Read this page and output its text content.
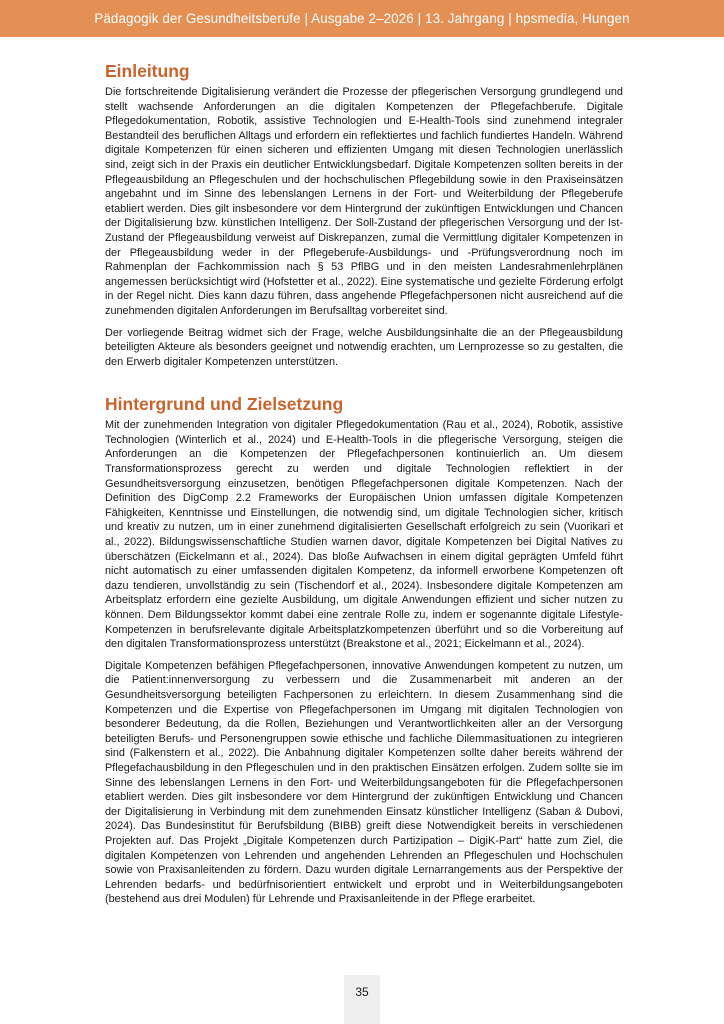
Pädagogik der Gesundheitsberufe | Ausgabe 2–2026 | 13. Jahrgang | hpsmedia, Hungen
Einleitung

Die fortschreitende Digitalisierung verändert die Prozesse der pflegerischen Versorgung grundlegend und stellt wachsende Anforderungen an die digitalen Kompetenzen der Pflegefachberufe. Digitale Pflegedokumentation, Robotik, assistive Technologien und E-Health-Tools sind zunehmend integraler Bestandteil des beruflichen Alltags und erfordern ein reflektiertes und fachlich fundiertes Handeln. Während digitale Kompetenzen für einen sicheren und effizienten Umgang mit diesen Technologien unerlässlich sind, zeigt sich in der Praxis ein deutlicher Entwicklungsbedarf. Digitale Kompetenzen sollten bereits in der Pflegeausbildung an Pflegeschulen und der hochschulischen Pflegebildung sowie in den Praxiseinsätzen angebahnt und im Sinne des lebenslangen Lernens in der Fort- und Weiterbildung der Pflegeberufe etabliert werden. Dies gilt insbesondere vor dem Hintergrund der zukünftigen Entwicklungen und Chancen der Digitalisierung bzw. künstlichen Intelligenz. Der Soll-Zustand der pflegerischen Versorgung und der Ist-Zustand der Pflegeausbildung verweist auf Diskrepanzen, zumal die Vermittlung digitaler Kompetenzen in der Pflegeausbildung weder in der Pflegeberufe-Ausbildungs- und -Prüfungsverordnung noch im Rahmenplan der Fachkommission nach § 53 PflBG und in den meisten Landesrahmenlehrplänen angemessen berücksichtigt wird (Hofstetter et al., 2022). Eine systematische und gezielte Förderung erfolgt in der Regel nicht. Dies kann dazu führen, dass angehende Pflegefachpersonen nicht ausreichend auf die zunehmenden digitalen Anforderungen im Berufsalltag vorbereitet sind.

Der vorliegende Beitrag widmet sich der Frage, welche Ausbildungsinhalte die an der Pflegeausbildung beteiligten Akteure als besonders geeignet und notwendig erachten, um Lernprozesse so zu gestalten, die den Erwerb digitaler Kompetenzen unterstützen.

Hintergrund und Zielsetzung

Mit der zunehmenden Integration von digitaler Pflegedokumentation (Rau et al., 2024), Robotik, assistive Technologien (Winterlich et al., 2024) und E-Health-Tools in die pflegerische Versorgung, steigen die Anforderungen an die Kompetenzen der Pflegefachpersonen kontinuierlich an. Um diesem Transformationsprozess gerecht zu werden und digitale Technologien reflektiert in der Gesundheitsversorgung einzusetzen, benötigen Pflegefachpersonen digitale Kompetenzen. Nach der Definition des DigComp 2.2 Frameworks der Europäischen Union umfassen digitale Kompetenzen Fähigkeiten, Kenntnisse und Einstellungen, die notwendig sind, um digitale Technologien sicher, kritisch und kreativ zu nutzen, um in einer zunehmend digitalisierten Gesellschaft erfolgreich zu sein (Vuorikari et al., 2022). Bildungswissenschaftliche Studien warnen davor, digitale Kompetenzen bei Digital Natives zu überschätzen (Eickelmann et al., 2024). Das bloße Aufwachsen in einem digital geprägten Umfeld führt nicht automatisch zu einer umfassenden digitalen Kompetenz, da informell erworbene Kompetenzen oft dazu tendieren, unvollständig zu sein (Tischendorf et al., 2024). Insbesondere digitale Kompetenzen am Arbeitsplatz erfordern eine gezielte Ausbildung, um digitale Anwendungen effizient und sicher nutzen zu können. Dem Bildungssektor kommt dabei eine zentrale Rolle zu, indem er sogenannte digitale Lifestyle-Kompetenzen in berufsrelevante digitale Arbeitsplatzkompetenzen überführt und so die Vorbereitung auf den digitalen Transformationsprozess unterstützt (Breakstone et al., 2021; Eickelmann et al., 2024).

Digitale Kompetenzen befähigen Pflegefachpersonen, innovative Anwendungen kompetent zu nutzen, um die Patient:innenversorgung zu verbessern und die Zusammenarbeit mit anderen an der Gesundheitsversorgung beteiligten Fachpersonen zu erleichtern. In diesem Zusammenhang sind die Kompetenzen und die Expertise von Pflegefachpersonen im Umgang mit digitalen Technologien von besonderer Bedeutung, da die Rollen, Beziehungen und Verantwortlichkeiten aller an der Versorgung beteiligten Berufs- und Personengruppen sowie ethische und fachliche Dilemmasituationen zu integrieren sind (Falkenstern et al., 2022). Die Anbahnung digitaler Kompetenzen sollte daher bereits während der Pflegefachausbildung in den Pflegeschulen und in den praktischen Einsätzen erfolgen. Zudem sollte sie im Sinne des lebenslangen Lernens in den Fort- und Weiterbildungsangeboten für die Pflegefachpersonen etabliert werden. Dies gilt insbesondere vor dem Hintergrund der zukünftigen Entwicklung und Chancen der Digitalisierung in Verbindung mit dem zunehmenden Einsatz künstlicher Intelligenz (Saban & Dubovi, 2024). Das Bundesinstitut für Berufsbildung (BIBB) greift diese Notwendigkeit bereits in verschiedenen Projekten auf. Das Projekt „Digitale Kompetenzen durch Partizipation – DigiK-Part“ hatte zum Ziel, die digitalen Kompetenzen von Lehrenden und angehenden Lehrenden an Pflegeschulen und Hochschulen sowie von Praxisanleitenden zu fördern. Dazu wurden digitale Lernarrangements aus der Perspektive der Lehrenden bedarfs- und bedürfnisorientiert entwickelt und erprobt und in Weiterbildungsangeboten (bestehend aus drei Modulen) für Lehrende und Praxisanleitende in der Pflege erarbeitet.

35
